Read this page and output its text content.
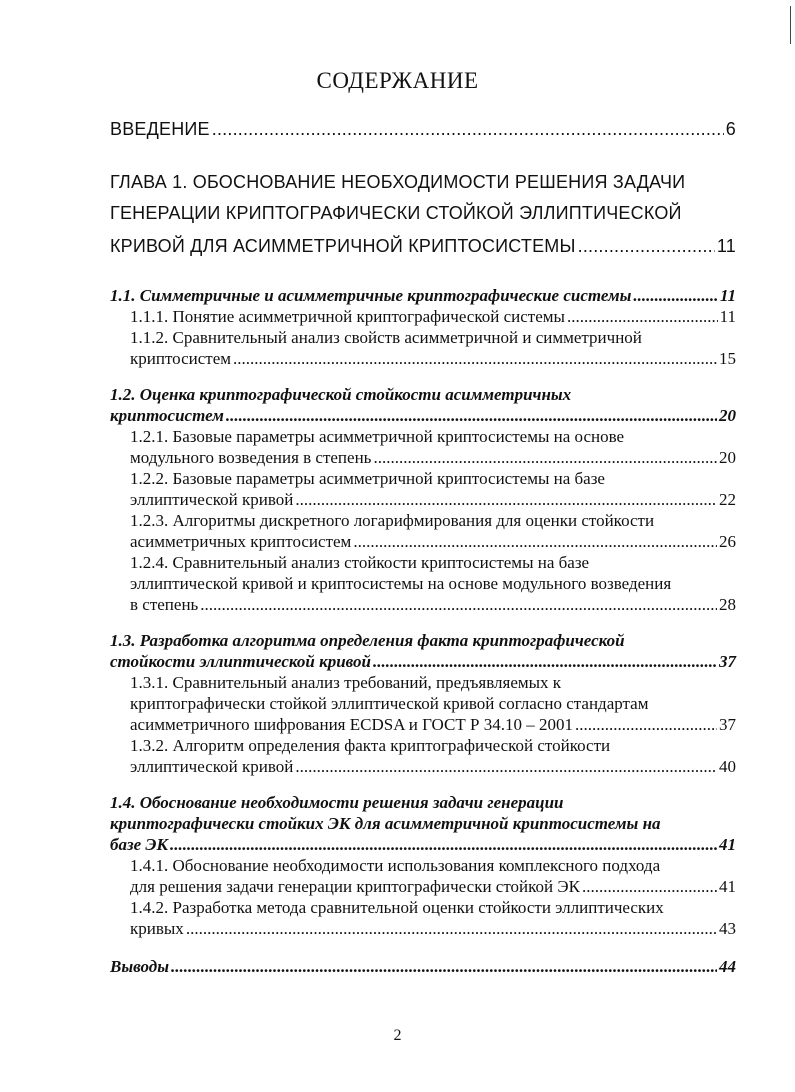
СОДЕРЖАНИЕ
ВВЕДЕНИЕ .....	6
ГЛАВА 1. ОБОСНОВАНИЕ НЕОБХОДИМОСТИ РЕШЕНИЯ ЗАДАЧИ
ГЕНЕРАЦИИ КРИПТОГРАФИЧЕСКИ СТОЙКОЙ ЭЛЛИПТИЧЕСКОЙ
КРИВОЙ ДЛЯ АСИММЕТРИЧНОЙ КРИПТОСИСТЕМЫ .....	11
1.1. Симметричные и асимметричные криптографические системы .....	11
1.1.1. Понятие асимметричной криптографической системы .....	11
1.1.2. Сравнительный анализ свойств асимметричной и симметричной
криптосистем .....	15
1.2. Оценка криптографической стойкости асимметричных
криптосистем .....	20
1.2.1. Базовые параметры асимметричной криптосистемы на основе
модульного возведения в степень .....	20
1.2.2. Базовые параметры асимметричной криптосистемы на базе
эллиптической кривой .....	22
1.2.3. Алгоритмы дискретного логарифмирования для оценки стойкости
асимметричных криптосистем .....	26
1.2.4. Сравнительный анализ стойкости криптосистемы на базе
эллиптической кривой и криптосистемы на основе модульного возведения
в степень .....	28
1.3. Разработка алгоритма определения факта криптографической
стойкости эллиптической кривой .....	37
1.3.1. Сравнительный анализ требований, предъявляемых к
криптографически стойкой эллиптической кривой согласно стандартам
асимметричного шифрования ECDSA и ГОСТ Р 34.10 – 2001 .....	37
1.3.2. Алгоритм определения факта криптографической стойкости
эллиптической кривой .....	40
1.4. Обоснование необходимости решения задачи генерации
криптографически стойких ЭК для асимметричной криптосистемы на
базе ЭК .....	41
1.4.1. Обоснование необходимости использования комплексного подхода
для решения задачи генерации криптографически стойкой ЭК .....	41
1.4.2. Разработка метода сравнительной оценки стойкости эллиптических
кривых .....	43
Выводы .....	44
2
